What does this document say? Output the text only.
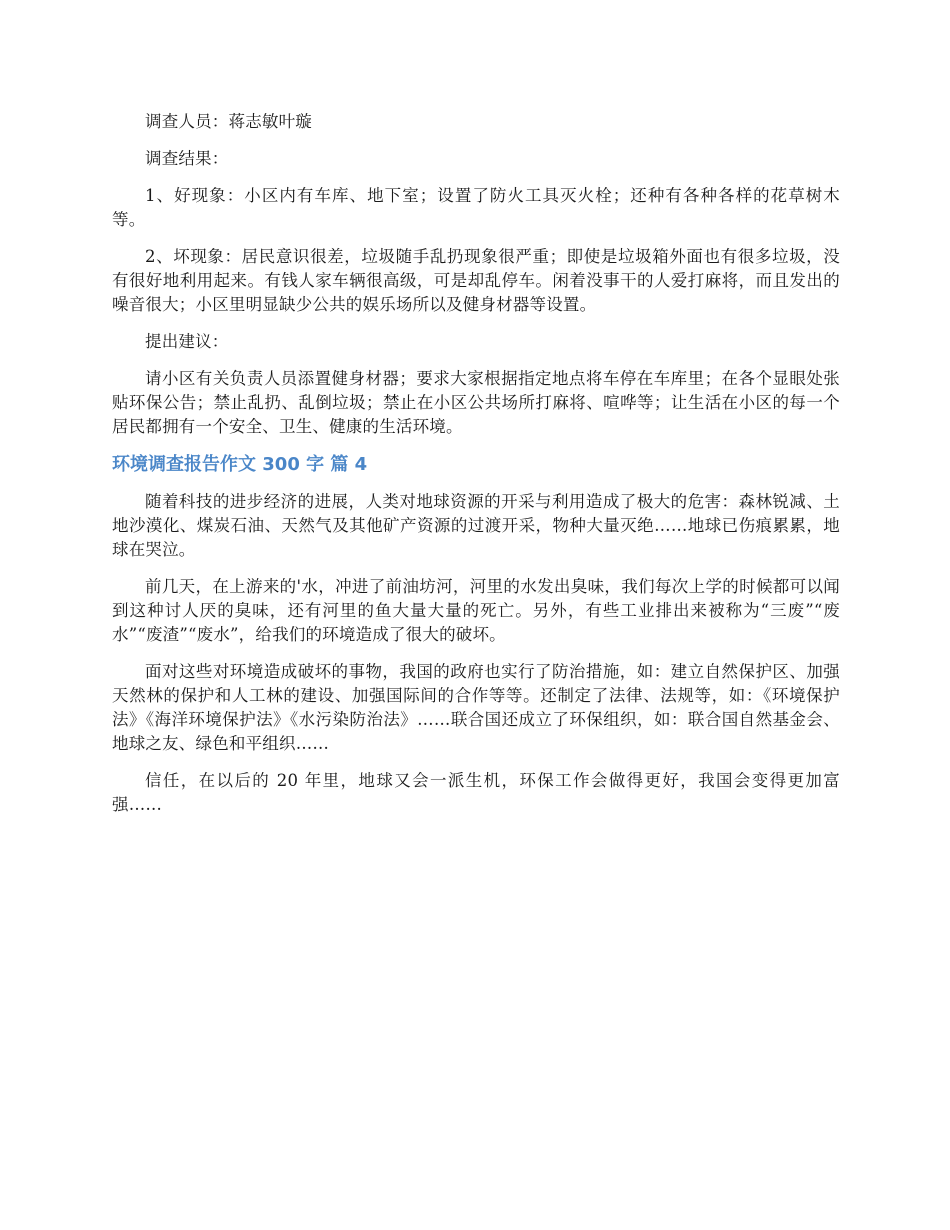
调查人员：蒋志敏叶璇

调查结果：

1、好现象：小区内有车库、地下室；设置了防火工具灭火栓；还种有各种各样的花草树木等。

2、坏现象：居民意识很差，垃圾随手乱扔现象很严重；即使是垃圾箱外面也有很多垃圾，没有很好地利用起来。有钱人家车辆很高级，可是却乱停车。闲着没事干的人爱打麻将，而且发出的噪音很大；小区里明显缺少公共的娱乐场所以及健身材器等设置。

提出建议：

请小区有关负责人员添置健身材器；要求大家根据指定地点将车停在车库里；在各个显眼处张贴环保公告；禁止乱扔、乱倒垃圾；禁止在小区公共场所打麻将、喧哗等；让生活在小区的每一个居民都拥有一个安全、卫生、健康的生活环境。

环境调查报告作文 300 字 篇 4

随着科技的进步经济的进展，人类对地球资源的开采与利用造成了极大的危害：森林锐减、土地沙漠化、煤炭石油、天然气及其他矿产资源的过渡开采，物种大量灭绝……地球已伤痕累累，地球在哭泣。

前几天，在上游来的'水，冲进了前油坊河，河里的水发出臭味，我们每次上学的时候都可以闻到这种讨人厌的臭味，还有河里的鱼大量大量的死亡。另外，有些工业排出来被称为“三废”“废水”“废渣”“废水”，给我们的环境造成了很大的破坏。

面对这些对环境造成破坏的事物，我国的政府也实行了防治措施，如：建立自然保护区、加强天然林的保护和人工林的建设、加强国际间的合作等等。还制定了法律、法规等，如：《环境保护法》《海洋环境保护法》《水污染防治法》……联合国还成立了环保组织，如：联合国自然基金会、地球之友、绿色和平组织……

信任，在以后的 20 年里，地球又会一派生机，环保工作会做得更好，我国会变得更加富强……
